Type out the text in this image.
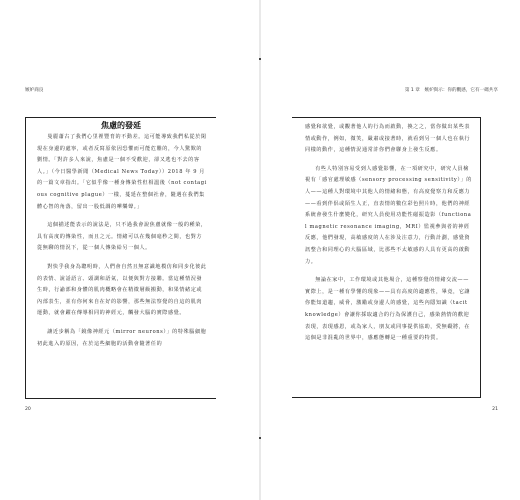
嫉妒商良
焦慮的發延

曼麗蕭古了我們心里裡豐育的不動差。這可能導致我們私從於閑現在身邊的處寧，或者反寫原依因恐懼而可能危難的，今人驚歎的劉情。「對許多人來說，焦慮是一個不受歡迎，卻又逃也不去的客人。」（今日醫學新聞（Medical News Today））2018 年 9 月的一篇文章指出。「它似乎像一種身傳染性但相溫後（not contagious cognitive plague）一樣，蔓延在整個社會，隨遇在我們集體心智的角落，留出一股低調的嘩樂聲。」

這個描述能表示的說法是，只不過我會說焦慮就像一般的種染，具有高度的傳染性，而且之元。情緒可以在幾個毫秒之間，也對方從無聊的情況下，從一個人傳染給另一個人。

對快乎我身為聰明時，人們會自然且無意識地模仿和同步化彼此的表情、說話語言、頭調和語氣，以便與對方接聯。當這種情況發生時，行諭部和身體的肌肉概略會在精微層級搬動，和果情緒定或內部表生，並有你何來自在好的影響，那些無法察覺的自這的肌肉運動，就會躍在傳導相同的神經元，觸發大腦的實際感覺。

讓近步稱為「鏡像神經元（mirror neurons）」的特殊腦細胞初此進入的原因，在於這些細胞的活動會隨著任的

20
第 1 章　嫉妒與示：你的觀感，它有一碼共享

感覺和欲覺，或觀著他人的行為而啟動，換之之，當你做出某些表情或動作，例如，微笑，嚴肅或接著時，就看到另一個人也在執行同樣的動作，這種情況通常許你們會聯身上發生反應。

有些人特別容易受到人感覺影響，在一項研究中，研究人員檢視有「感官處理敏感（sensory processing sensitivity）」的人——這種人對環境中其他人的情緒和態，有高度覺察力和反應力——看到伴侶或陌生人正，直表情的數位彩色照片時，他們的神經系統會發生什麼變化，研究人員使用功能性磁振造影（functional magnetic resonance imaging，MRI）監視參與者的神經反應，他們發現，高敏感度的人在涉及注意力，行動計劃，感覺資訊整合和同理心的大腦區域，比那些不太敏感的人具有更高的啟動力。

無論在家中，工作環境或其他場合，這種察覺的情緒交流——實際上，是一種有學懂的現象——具有高度的適應性，畢竟，它讓你能知道趨，威脅，激勵或身邊人的感覺，這些內隱知識（tacit knowledge）會讓你採取適合的行為保護自己，感染熱情的歡迎表現，表現感恩，或為家人，朋友或同事提供協助，愛無礙將，在這個是非混亂的世界中，感應態轉是一種重要的特質。

21
